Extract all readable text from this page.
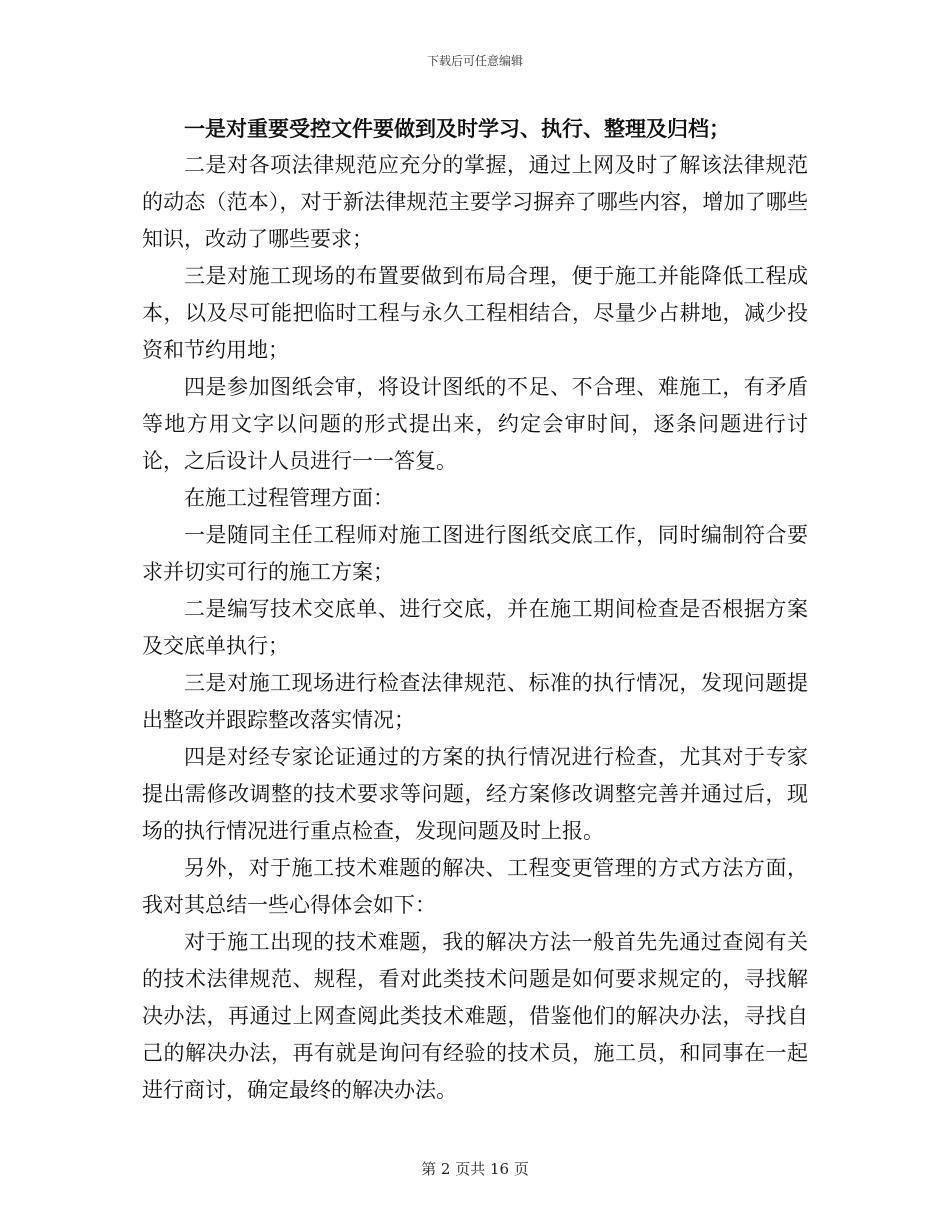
下载后可任意编辑

一是对重要受控文件要做到及时学习、执行、整理及归档；

二是对各项法律规范应充分的掌握，通过上网及时了解该法律规范的动态（范本），对于新法律规范主要学习摒弃了哪些内容，增加了哪些知识，改动了哪些要求；

三是对施工现场的布置要做到布局合理，便于施工并能降低工程成本，以及尽可能把临时工程与永久工程相结合，尽量少占耕地，减少投资和节约用地；

四是参加图纸会审，将设计图纸的不足、不合理、难施工，有矛盾等地方用文字以问题的形式提出来，约定会审时间，逐条问题进行讨论，之后设计人员进行一一答复。

在施工过程管理方面：

一是随同主任工程师对施工图进行图纸交底工作，同时编制符合要求并切实可行的施工方案；

二是编写技术交底单、进行交底，并在施工期间检查是否根据方案及交底单执行；

三是对施工现场进行检查法律规范、标准的执行情况，发现问题提出整改并跟踪整改落实情况；

四是对经专家论证通过的方案的执行情况进行检查，尤其对于专家提出需修改调整的技术要求等问题，经方案修改调整完善并通过后，现场的执行情况进行重点检查，发现问题及时上报。

另外，对于施工技术难题的解决、工程变更管理的方式方法方面，我对其总结一些心得体会如下：

对于施工出现的技术难题，我的解决方法一般首先先通过查阅有关的技术法律规范、规程，看对此类技术问题是如何要求规定的，寻找解决办法，再通过上网查阅此类技术难题，借鉴他们的解决办法，寻找自己的解决办法，再有就是询问有经验的技术员，施工员，和同事在一起进行商讨，确定最终的解决办法。

第 2 页共 16 页
